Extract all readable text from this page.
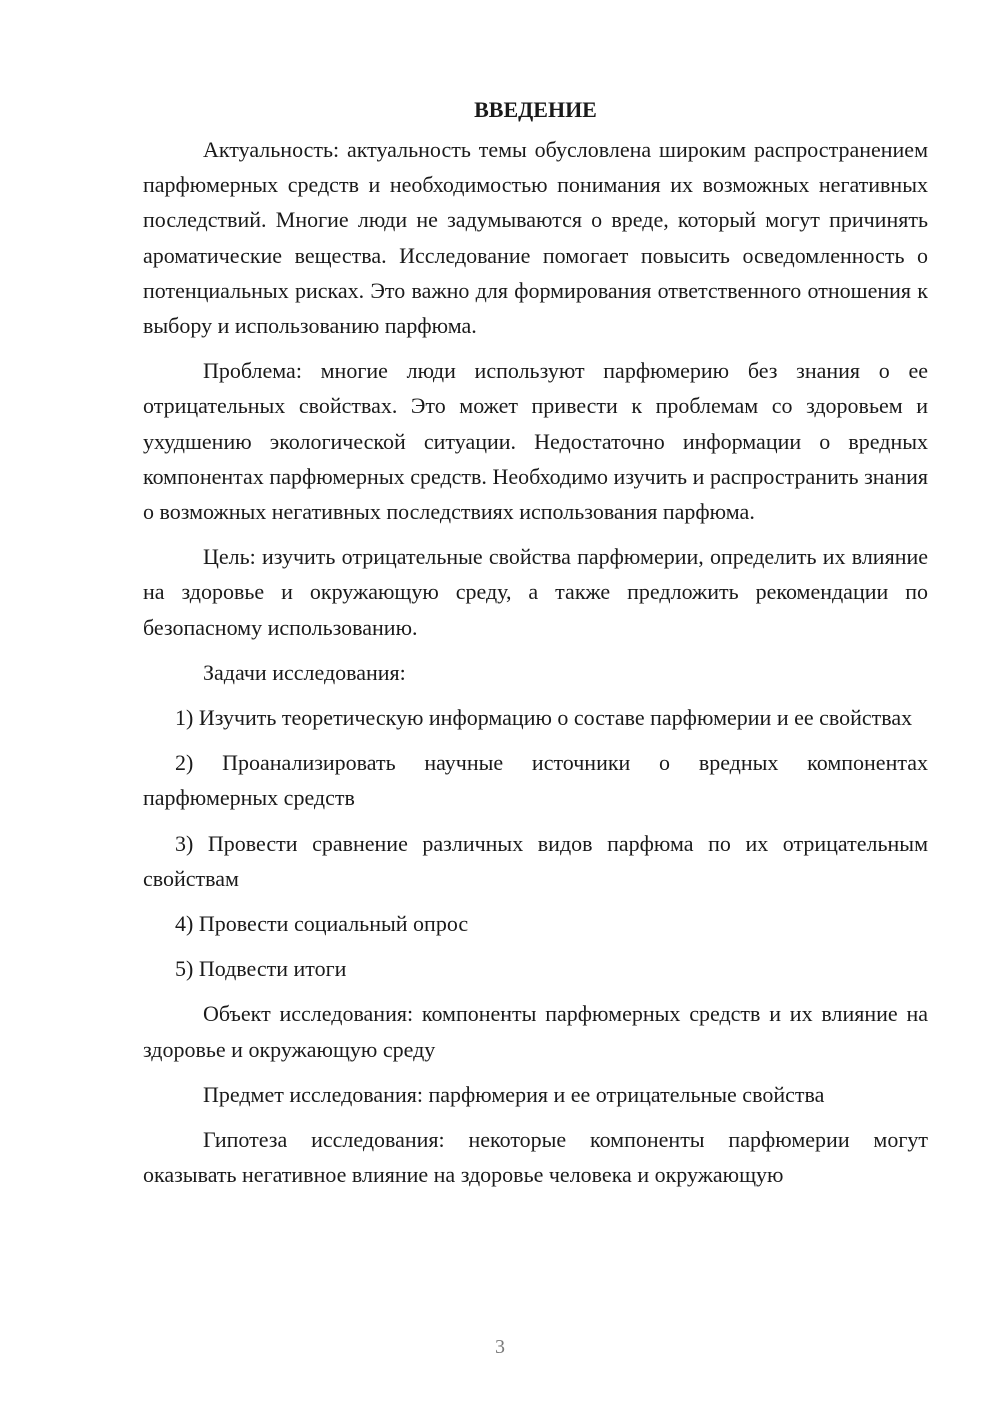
ВВЕДЕНИЕ

Актуальность: актуальность темы обусловлена широким распространением парфюмерных средств и необходимостью понимания их возможных негативных последствий. Многие люди не задумываются о вреде, который могут причинять ароматические вещества. Исследование помогает повысить осведомленность о потенциальных рисках. Это важно для формирования ответственного отношения к выбору и использованию парфюма.

Проблема: многие люди используют парфюмерию без знания о ее отрицательных свойствах. Это может привести к проблемам со здоровьем и ухудшению экологической ситуации. Недостаточно информации о вредных компонентах парфюмерных средств. Необходимо изучить и распространить знания о возможных негативных последствиях использования парфюма.

Цель: изучить отрицательные свойства парфюмерии, определить их влияние на здоровье и окружающую среду, а также предложить рекомендации по безопасному использованию.

Задачи исследования:

1) Изучить теоретическую информацию о составе парфюмерии и ее свойствах

2) Проанализировать научные источники о вредных компонентах парфюмерных средств

3) Провести сравнение различных видов парфюма по их отрицательным свойствам

4) Провести социальный опрос

5) Подвести итоги

Объект исследования: компоненты парфюмерных средств и их влияние на здоровье и окружающую среду

Предмет исследования: парфюмерия и ее отрицательные свойства

Гипотеза исследования: некоторые компоненты парфюмерии могут оказывать негативное влияние на здоровье человека и окружающую

3
